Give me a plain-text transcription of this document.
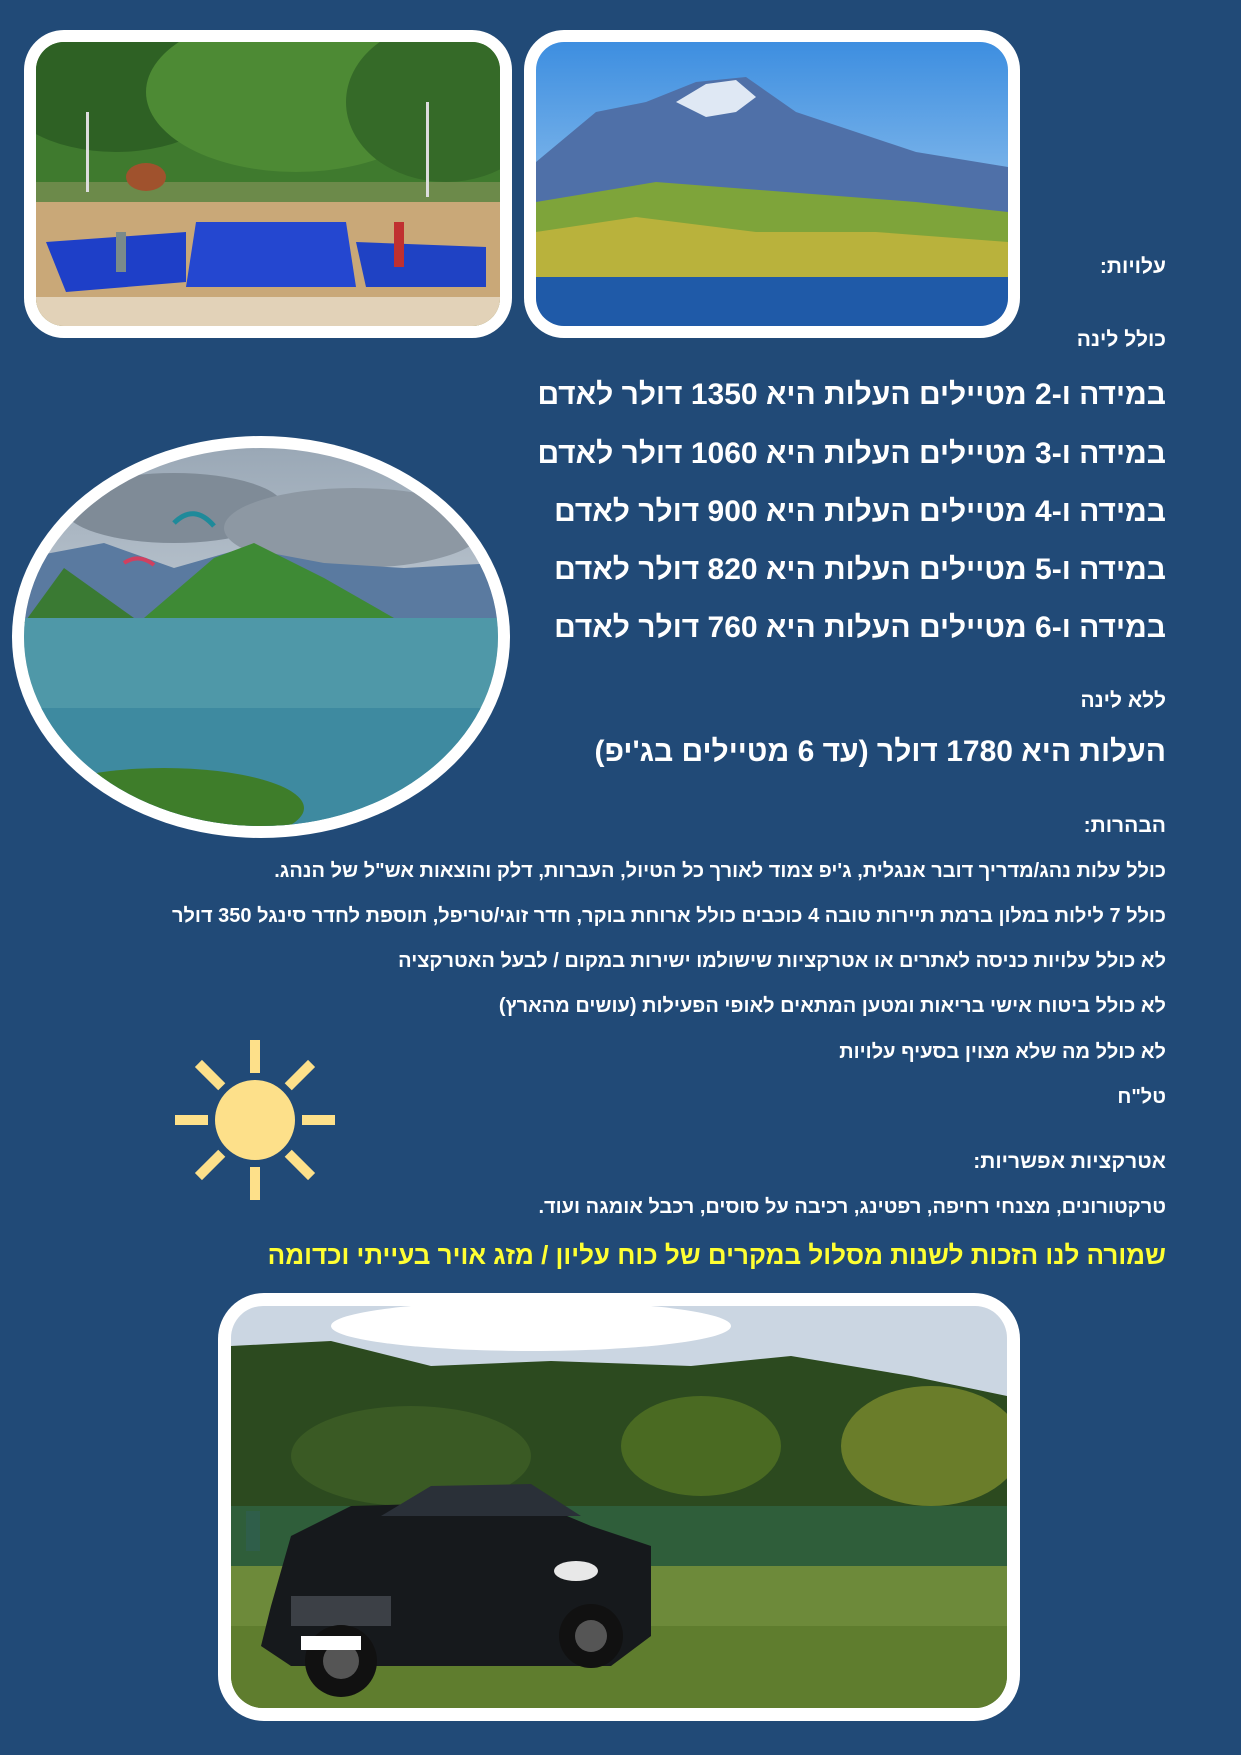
עלויות:
כולל לינה
במידה ו-2 מטיילים העלות היא 1350 דולר לאדם
במידה ו-3 מטיילים העלות היא 1060 דולר לאדם
במידה ו-4 מטיילים העלות היא 900 דולר לאדם
במידה ו-5 מטיילים העלות היא 820 דולר לאדם
במידה ו-6 מטיילים העלות היא 760 דולר לאדם
ללא לינה
העלות היא 1780 דולר (עד 6 מטיילים בג'יפ)
הבהרות:
כולל עלות נהג/מדריך דובר אנגלית, ג'יפ צמוד לאורך כל הטיול, העברות, דלק והוצאות אש"ל של הנהג.
כולל 7 לילות במלון ברמת תיירות טובה 4 כוכבים כולל ארוחת בוקר, חדר זוגי/טריפל, תוספת לחדר סינגל 350 דולר
לא כולל עלויות כניסה לאתרים או אטרקציות שישולמו ישירות במקום / לבעל האטרקציה
לא כולל ביטוח אישי בריאות ומטען המתאים לאופי הפעילות (עושים מהארץ)
לא כולל מה שלא מצוין בסעיף עלויות
טל"ח
אטרקציות אפשריות:
טרקטורונים, מצנחי רחיפה, רפטינג, רכיבה על סוסים, רכבל אומגה ועוד.
שמורה לנו הזכות לשנות מסלול במקרים של כוח עליון / מזג אויר בעייתי וכדומה
